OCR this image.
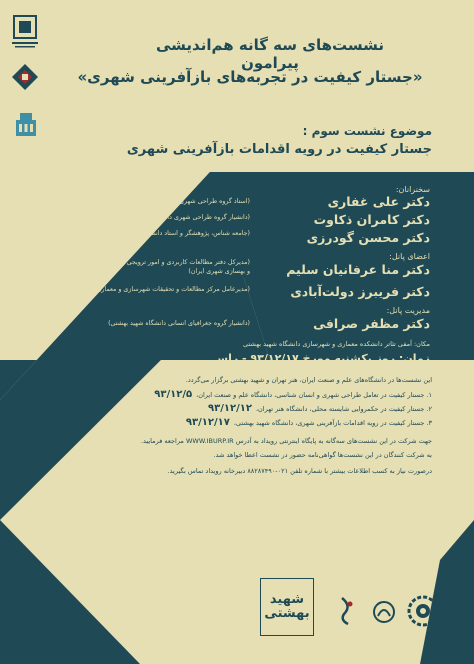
نشست‌های سه گانه هم‌اندیشی پیرامون
«جستار کیفیت در تجربه‌های بازآفرینی شهری»
موضوع نشست سوم :
جستار کیفیت در رویه اقدامات بازآفرینی شهری
سخنرانان:
دکتر علی غفاری
دکتر کامران ذکاوت
دکتر محسن گودرزی
(استاد گروه طراحی شهری دانشگاه شهید بهشتی)
(دانشیار گروه طراحی شهری دانشگاه شهید بهشتی)
(جامعه شناس، پژوهشگر و استاد دانشگاه)
اعضای پانل:
دکتر منا عرفانیان سلیم
دکتر فریبرز دولت‌آبادی
(مدیرکل دفتر مطالعات کاربردی و امور ترویجی شرکت مادر تخصصی عمران و بهسازی شهری ایران)
(مدیرعامل مرکز مطالعات و تحقیقات شهرسازی و معماری ایران)
مدیریت پانل:
دکتر مظفر صرافی
(دانشیار گروه جغرافیای انسانی دانشگاه شهید بهشتی)
مکان: آمفی تئاتر دانشکده معماری و شهرسازی دانشگاه شهید بهشتی
زمان: روز یکشنبه مورخ ۹۳/۱۲/۱۷ - راس ساعت ۱۱ صبح
این نشست‌ها در دانشگاه‌های علم و صنعت ایران، هنر تهران و شهید بهشتی برگزار می‌گردد.
۱. جستار کیفیت در تعامل طراحی شهری و انسان شناسی، دانشگاه علم و صنعت ایران،۹۳/۱۲/۵
۲. جستار کیفیت در حکمروایی شایسته محلی، دانشگاه هنر تهران،۹۳/۱۲/۱۲
۳. جستار کیفیت در رویه اقدامات بازآفرینی شهری، دانشگاه شهید بهشتی،۹۳/۱۲/۱۷
جهت شرکت در این نشست‌های سه‌گانه به پایگاه اینترنتی رویداد به آدرس WWW.IBURP.IR مراجعه فرمایید.
به شرکت کنندگان در این نشست‌ها گواهی‌نامه حضور در نشست اعطا خواهد شد.
درصورت نیاز به کسب اطلاعات بیشتر با شماره تلفن ۰۲۱-۸۸۲۸۷۴۹۰ دبیرخانه رویداد تماس بگیرید.
شهید بهشتی
